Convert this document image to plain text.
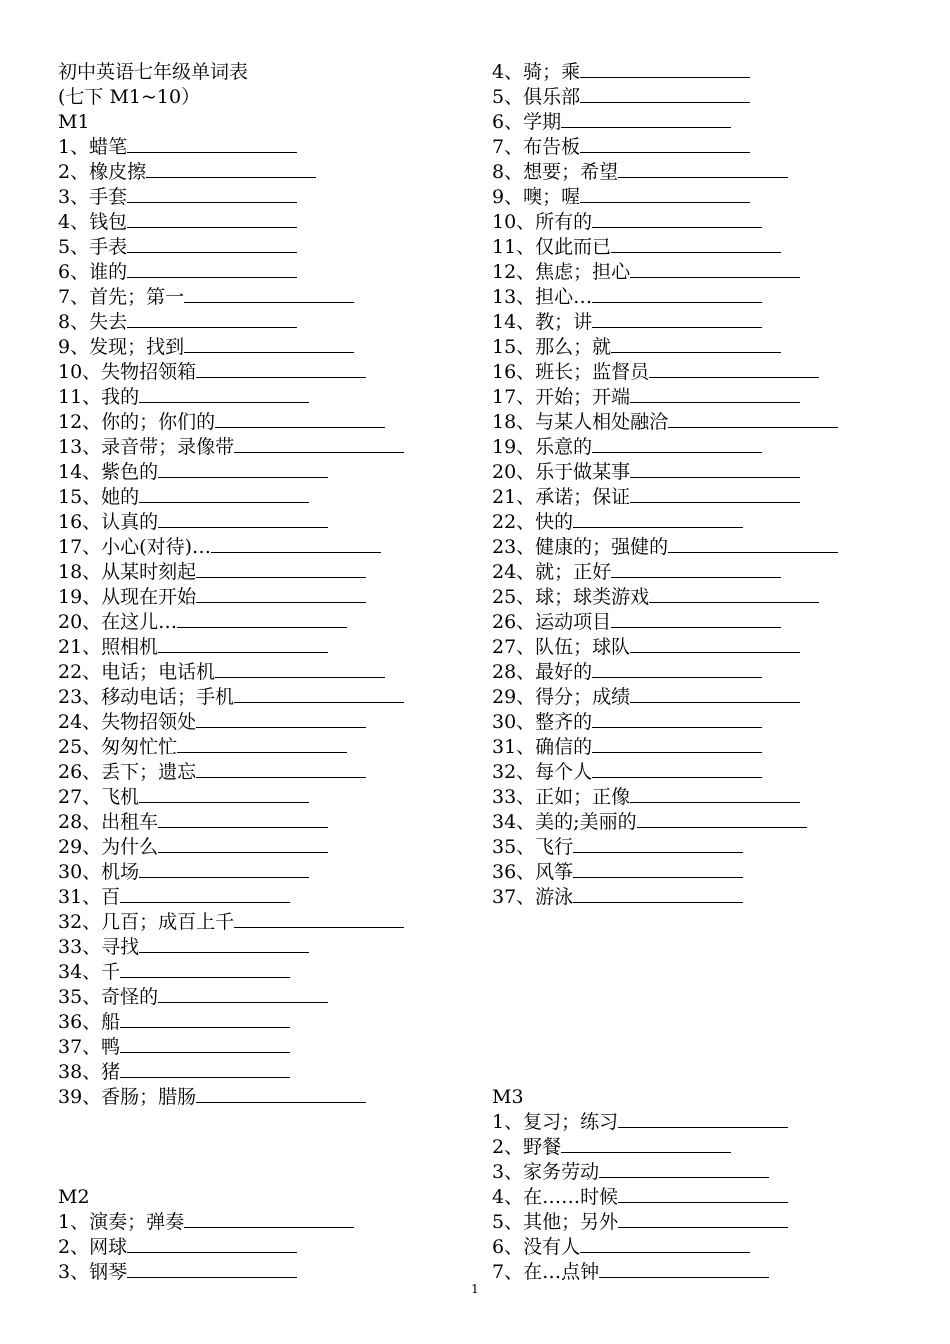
初中英语七年级单词表
(七下 M1~10）
M1
1、蜡笔
2、橡皮擦
3、手套
4、钱包
5、手表
6、谁的
7、首先；第一
8、失去
9、发现；找到
10、失物招领箱
11、我的
12、你的；你们的
13、录音带；录像带
14、紫色的
15、她的
16、认真的
17、小心(对待)…
18、从某时刻起
19、从现在开始
20、在这儿…
21、照相机
22、电话；电话机
23、移动电话；手机
24、失物招领处
25、匆匆忙忙
26、丢下；遗忘
27、飞机
28、出租车
29、为什么
30、机场
31、百
32、几百；成百上千
33、寻找
34、千
35、奇怪的
36、船
37、鸭
38、猪
39、香肠；腊肠
M2
1、演奏；弹奏
2、网球
3、钢琴
4、骑；乘
5、俱乐部
6、学期
7、布告板
8、想要；希望
9、噢；喔
10、所有的
11、仅此而已
12、焦虑；担心
13、担心…
14、教；讲
15、那么；就
16、班长；监督员
17、开始；开端
18、与某人相处融洽
19、乐意的
20、乐于做某事
21、承诺；保证
22、快的
23、健康的；强健的
24、就；正好
25、球；球类游戏
26、运动项目
27、队伍；球队
28、最好的
29、得分；成绩
30、整齐的
31、确信的
32、每个人
33、正如；正像
34、美的;美丽的
35、飞行
36、风筝
37、游泳
M3
1、复习；练习
2、野餐
3、家务劳动
4、在……时候
5、其他；另外
6、没有人
7、在…点钟
1
